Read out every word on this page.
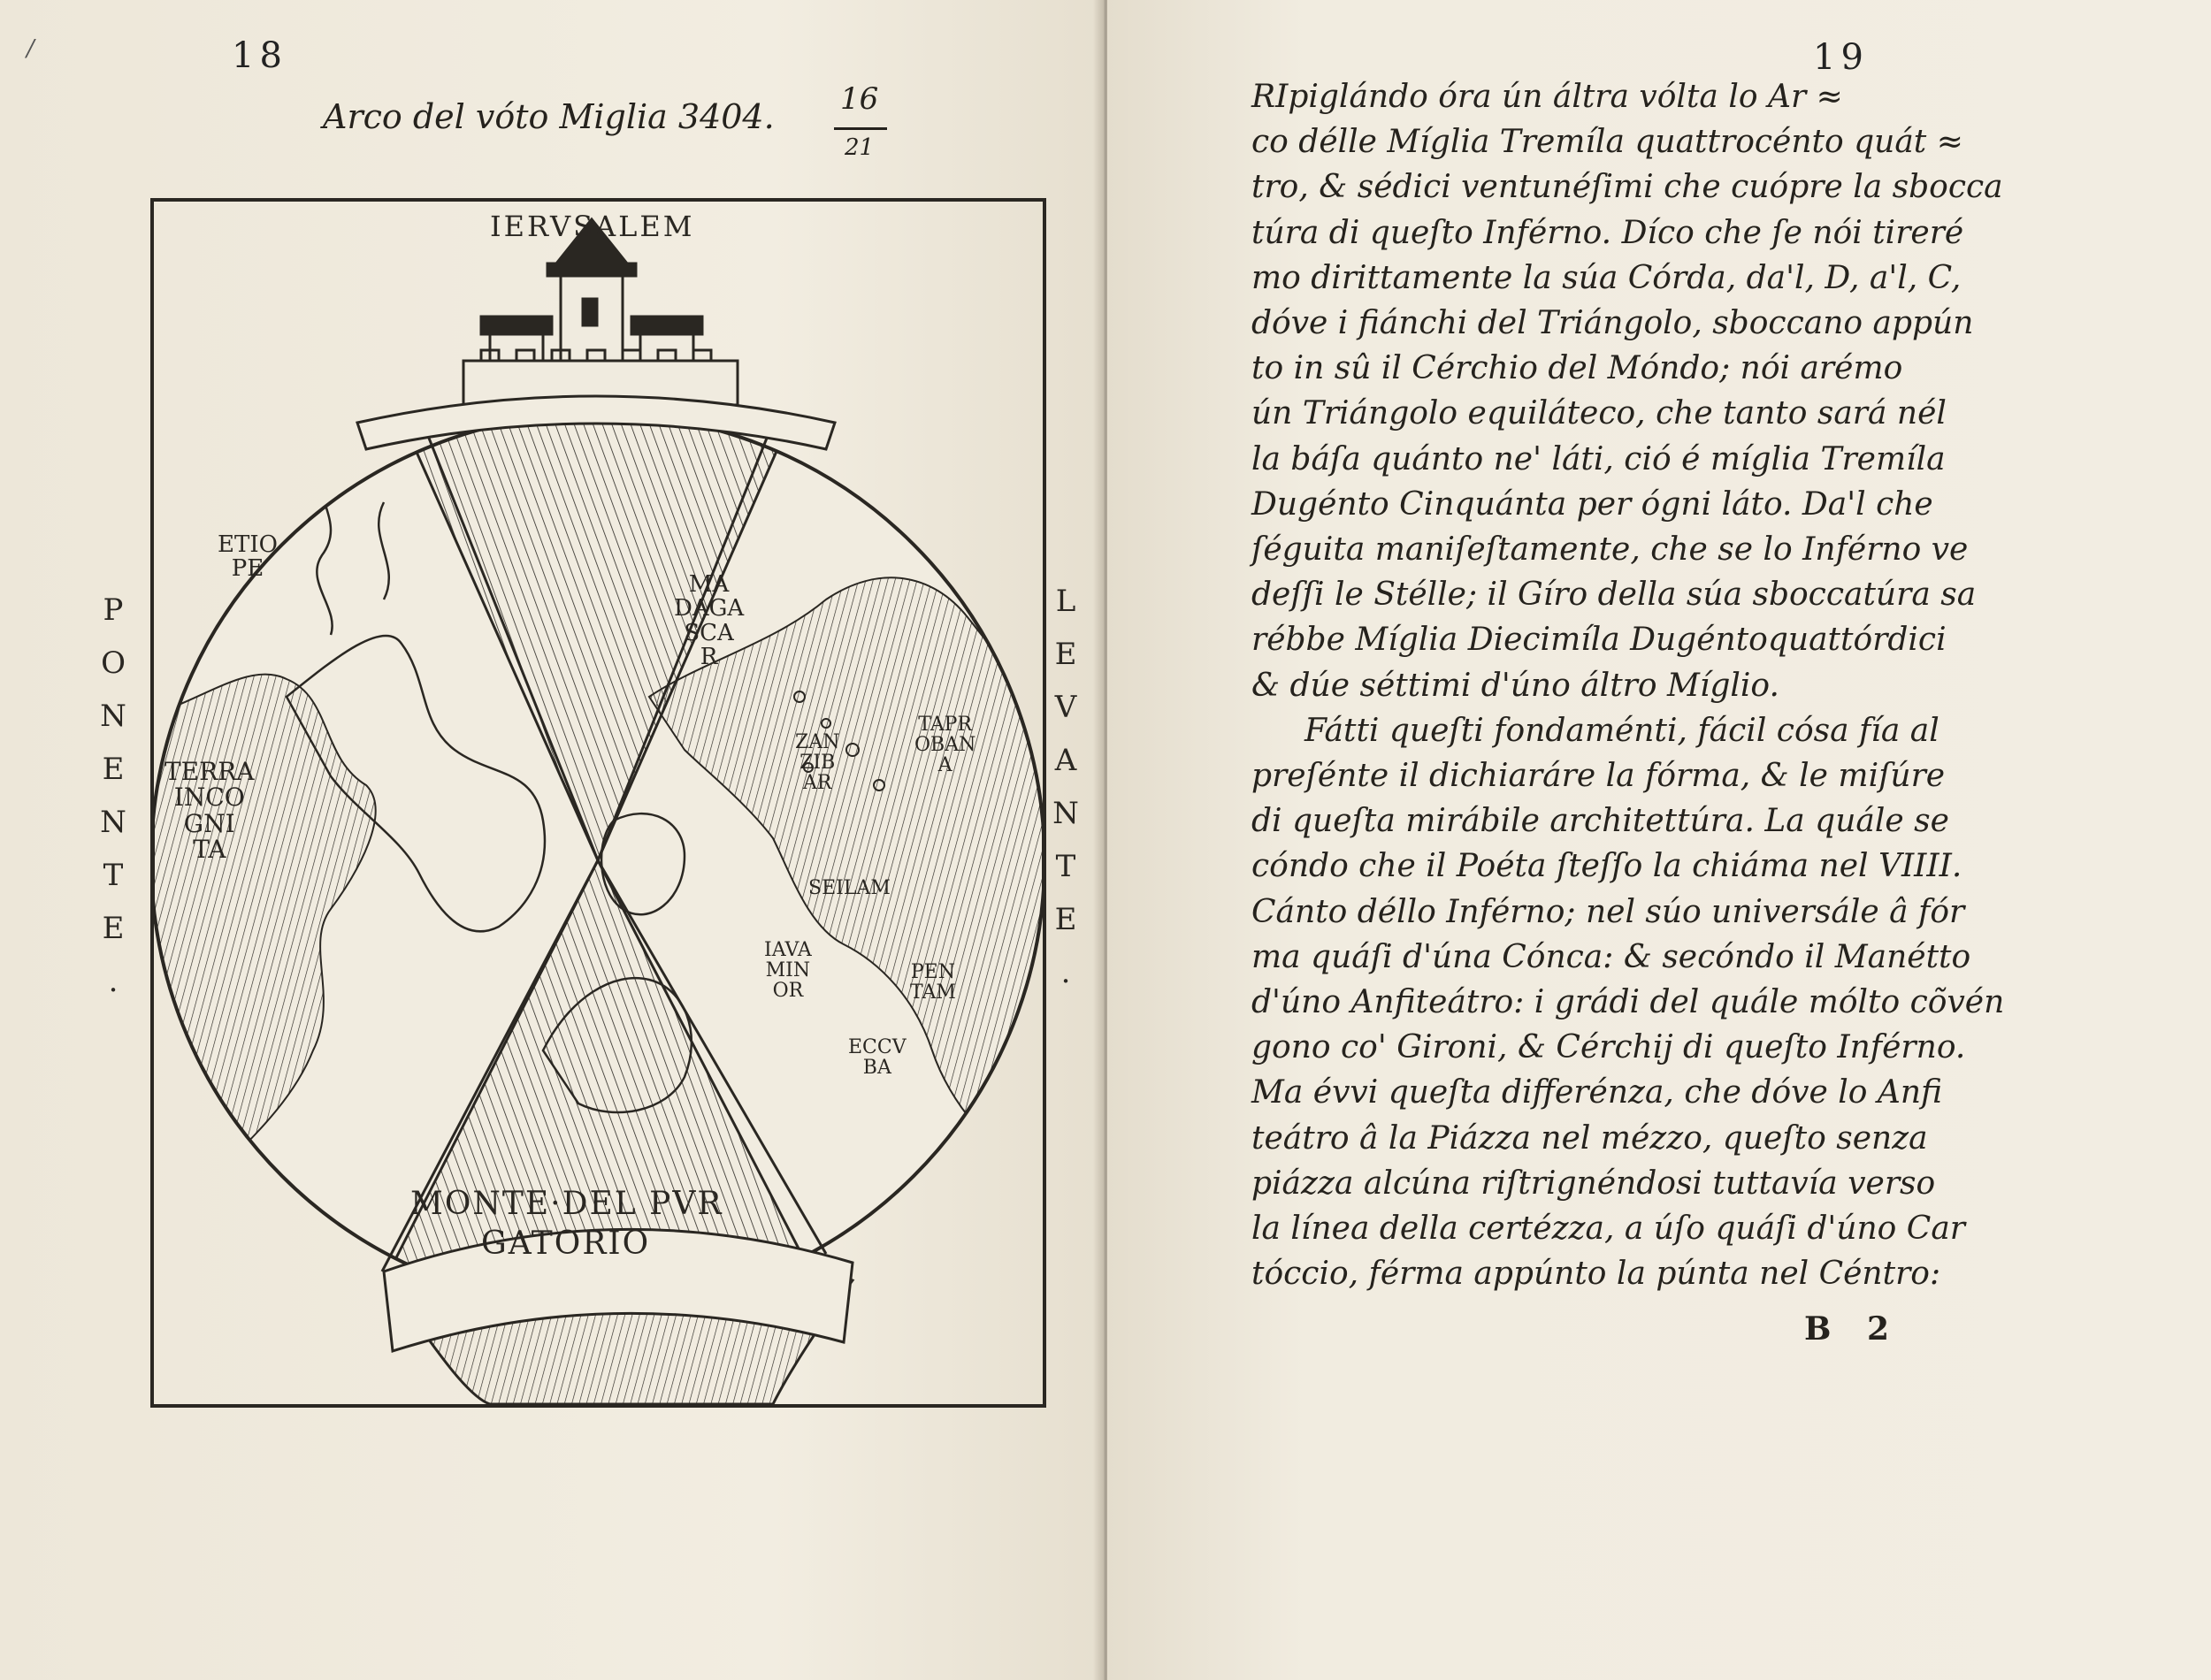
/	18
Arco del vóto Miglia 3404. 16
21
PONENTE.	LEVANTE.
IERVSALEM
ETIO
PE
MA
DAGA
SCA
R
TERRA
INCO
GNI
TA
ZAN
ZIB
AR
TAPR
OBAN
A
SEILAM
IAVA
MIN
OR
PEN
TAM
ECCV
BA
MONTE·DEL PVR
GATORIO
19
RIpiglándo óra ún áltra vólta lo Ar ≈
co délle Míglia Tremíla quattrocénto quát ≈
tro, & sédici ventunéſimi che cuópre la sbocca
túra di queſto Inférno. Díco che ſe nói tireré
mo dirittamente la súa Córda, da'l, D, a'l, C,
dóve i fiánchi del Triángolo, sboccano appún
to in sû il Cérchio del Móndo; nói arémo
ún Triángolo equiláteco, che tanto sará nél
la báſa quánto ne' láti, ció é míglia Tremíla
Dugénto Cinquánta per ógni láto. Da'l che
ſéguita maniſeſtamente, che se lo Inférno ve
deſſi le Stélle; il Gíro della súa sboccatúra sa
rébbe Míglia Diecimíla Dugéntoquattórdici
& dúe séttimi d'úno áltro Míglio.
Fátti queſti fondaménti, fácil cósa fía al
preſénte il dichiaráre la fórma, & le miſúre
di queſta mirábile architettúra. La quále se
cóndo che il Poéta ſteſſo la chiáma nel VIIII.
Cánto déllo Inférno; nel súo universále â fór
ma quáſi d'úna Cónca: & secóndo il Manétto
d'úno Anfiteátro: i grádi del quále mólto cõvén
gono co' Gironi, & Cérchij di queſto Inférno.
Ma évvi queſta differénza, che dóve lo Anfi
teátro â la Piázza nel mézzo, queſto senza
piázza alcúna riſtrignéndosi tuttavía verso
la línea della certézza, a úſo quáſi d'úno Car
tóccio, férma appúnto la púnta nel Céntro:
B 2
